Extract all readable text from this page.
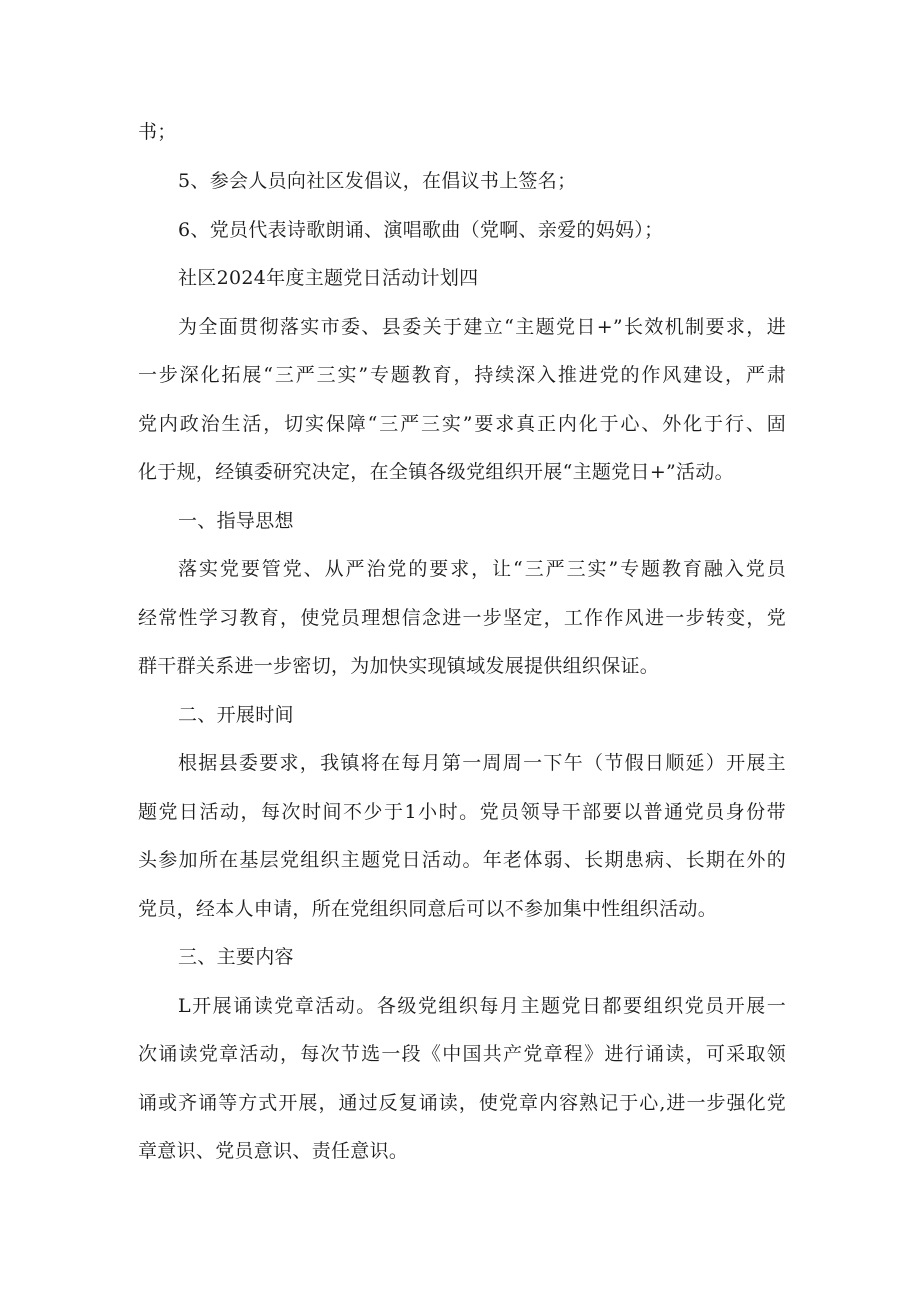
书；
5、参会人员向社区发倡议，在倡议书上签名；
6、党员代表诗歌朗诵、演唱歌曲（党啊、亲爱的妈妈）；
社区2024年度主题党日活动计划四
为全面贯彻落实市委、县委关于建立“主题党日+”长效机制要求，进
一步深化拓展“三严三实”专题教育，持续深入推进党的作风建设，严肃
党内政治生活，切实保障“三严三实”要求真正内化于心、外化于行、固
化于规，经镇委研究决定，在全镇各级党组织开展“主题党日+”活动。
一、指导思想
落实党要管党、从严治党的要求，让“三严三实”专题教育融入党员
经常性学习教育，使党员理想信念进一步坚定，工作作风进一步转变，党
群干群关系进一步密切，为加快实现镇域发展提供组织保证。
二、开展时间
根据县委要求，我镇将在每月第一周周一下午（节假日顺延）开展主
题党日活动，每次时间不少于1小时。党员领导干部要以普通党员身份带
头参加所在基层党组织主题党日活动。年老体弱、长期患病、长期在外的
党员，经本人申请，所在党组织同意后可以不参加集中性组织活动。
三、主要内容
L开展诵读党章活动。各级党组织每月主题党日都要组织党员开展一
次诵读党章活动，每次节选一段《中国共产党章程》进行诵读，可采取领
诵或齐诵等方式开展，通过反复诵读，使党章内容熟记于心,进一步强化党
章意识、党员意识、责任意识。
